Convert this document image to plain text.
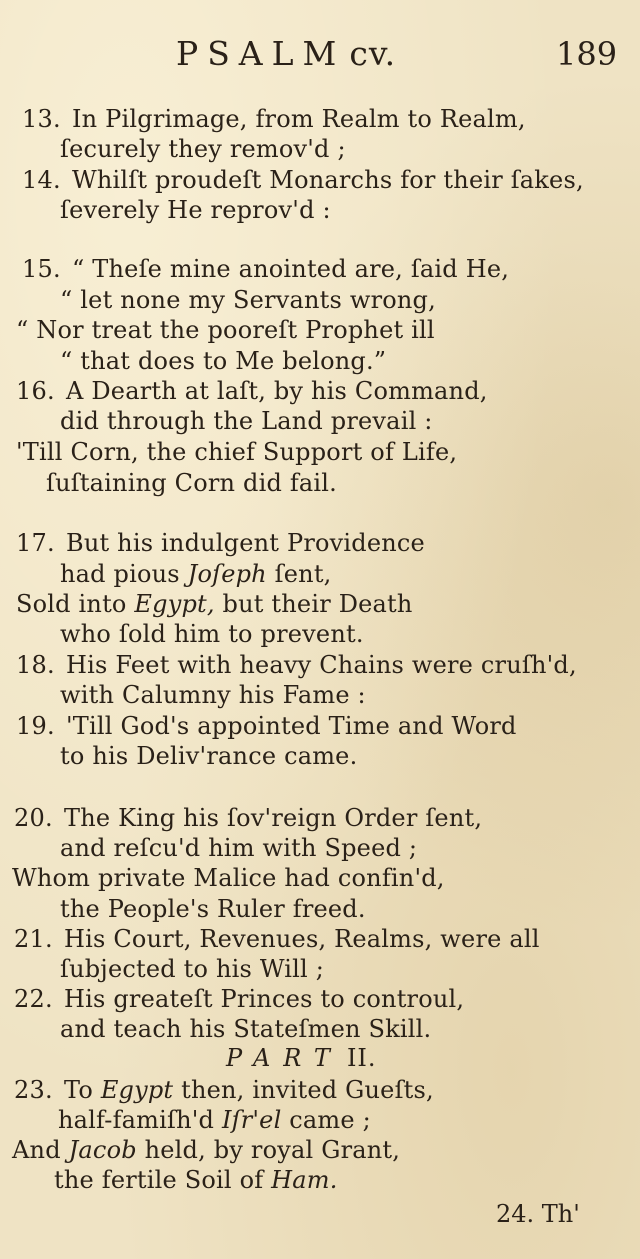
PSALM cv.	189
13. In Pilgrimage, from Realm to Realm,
ſecurely they remov'd ;
14. Whilſt proudeſt Monarchs for their ſakes,
ſeverely He reprov'd :
15. “ Theſe mine anointed are, ſaid He,
“ let none my Servants wrong,
“ Nor treat the pooreſt Prophet ill
“ that does to Me belong.”
16. A Dearth at laſt, by his Command,
did through the Land prevail :
'Till Corn, the chief Support of Life,
ſuſtaining Corn did fail.
17. But his indulgent Providence
had pious Joſeph ſent,
Sold into Egypt, but their Death
who ſold him to prevent.
18. His Feet with heavy Chains were cruſh'd,
with Calumny his Fame :
19. 'Till God's appointed Time and Word
to his Deliv'rance came.
20. The King his ſov'reign Order ſent,
and reſcu'd him with Speed ;
Whom private Malice had confin'd,
the People's Ruler freed.
21. His Court, Revenues, Realms, were all
ſubjected to his Will ;
22. His greateſt Princes to controul,
and teach his Stateſmen Skill.
PART II.
23. To Egypt then, invited Gueſts,
half-famiſh'd Iſr'el came ;
And Jacob held, by royal Grant,
the fertile Soil of Ham.
24. Th'
